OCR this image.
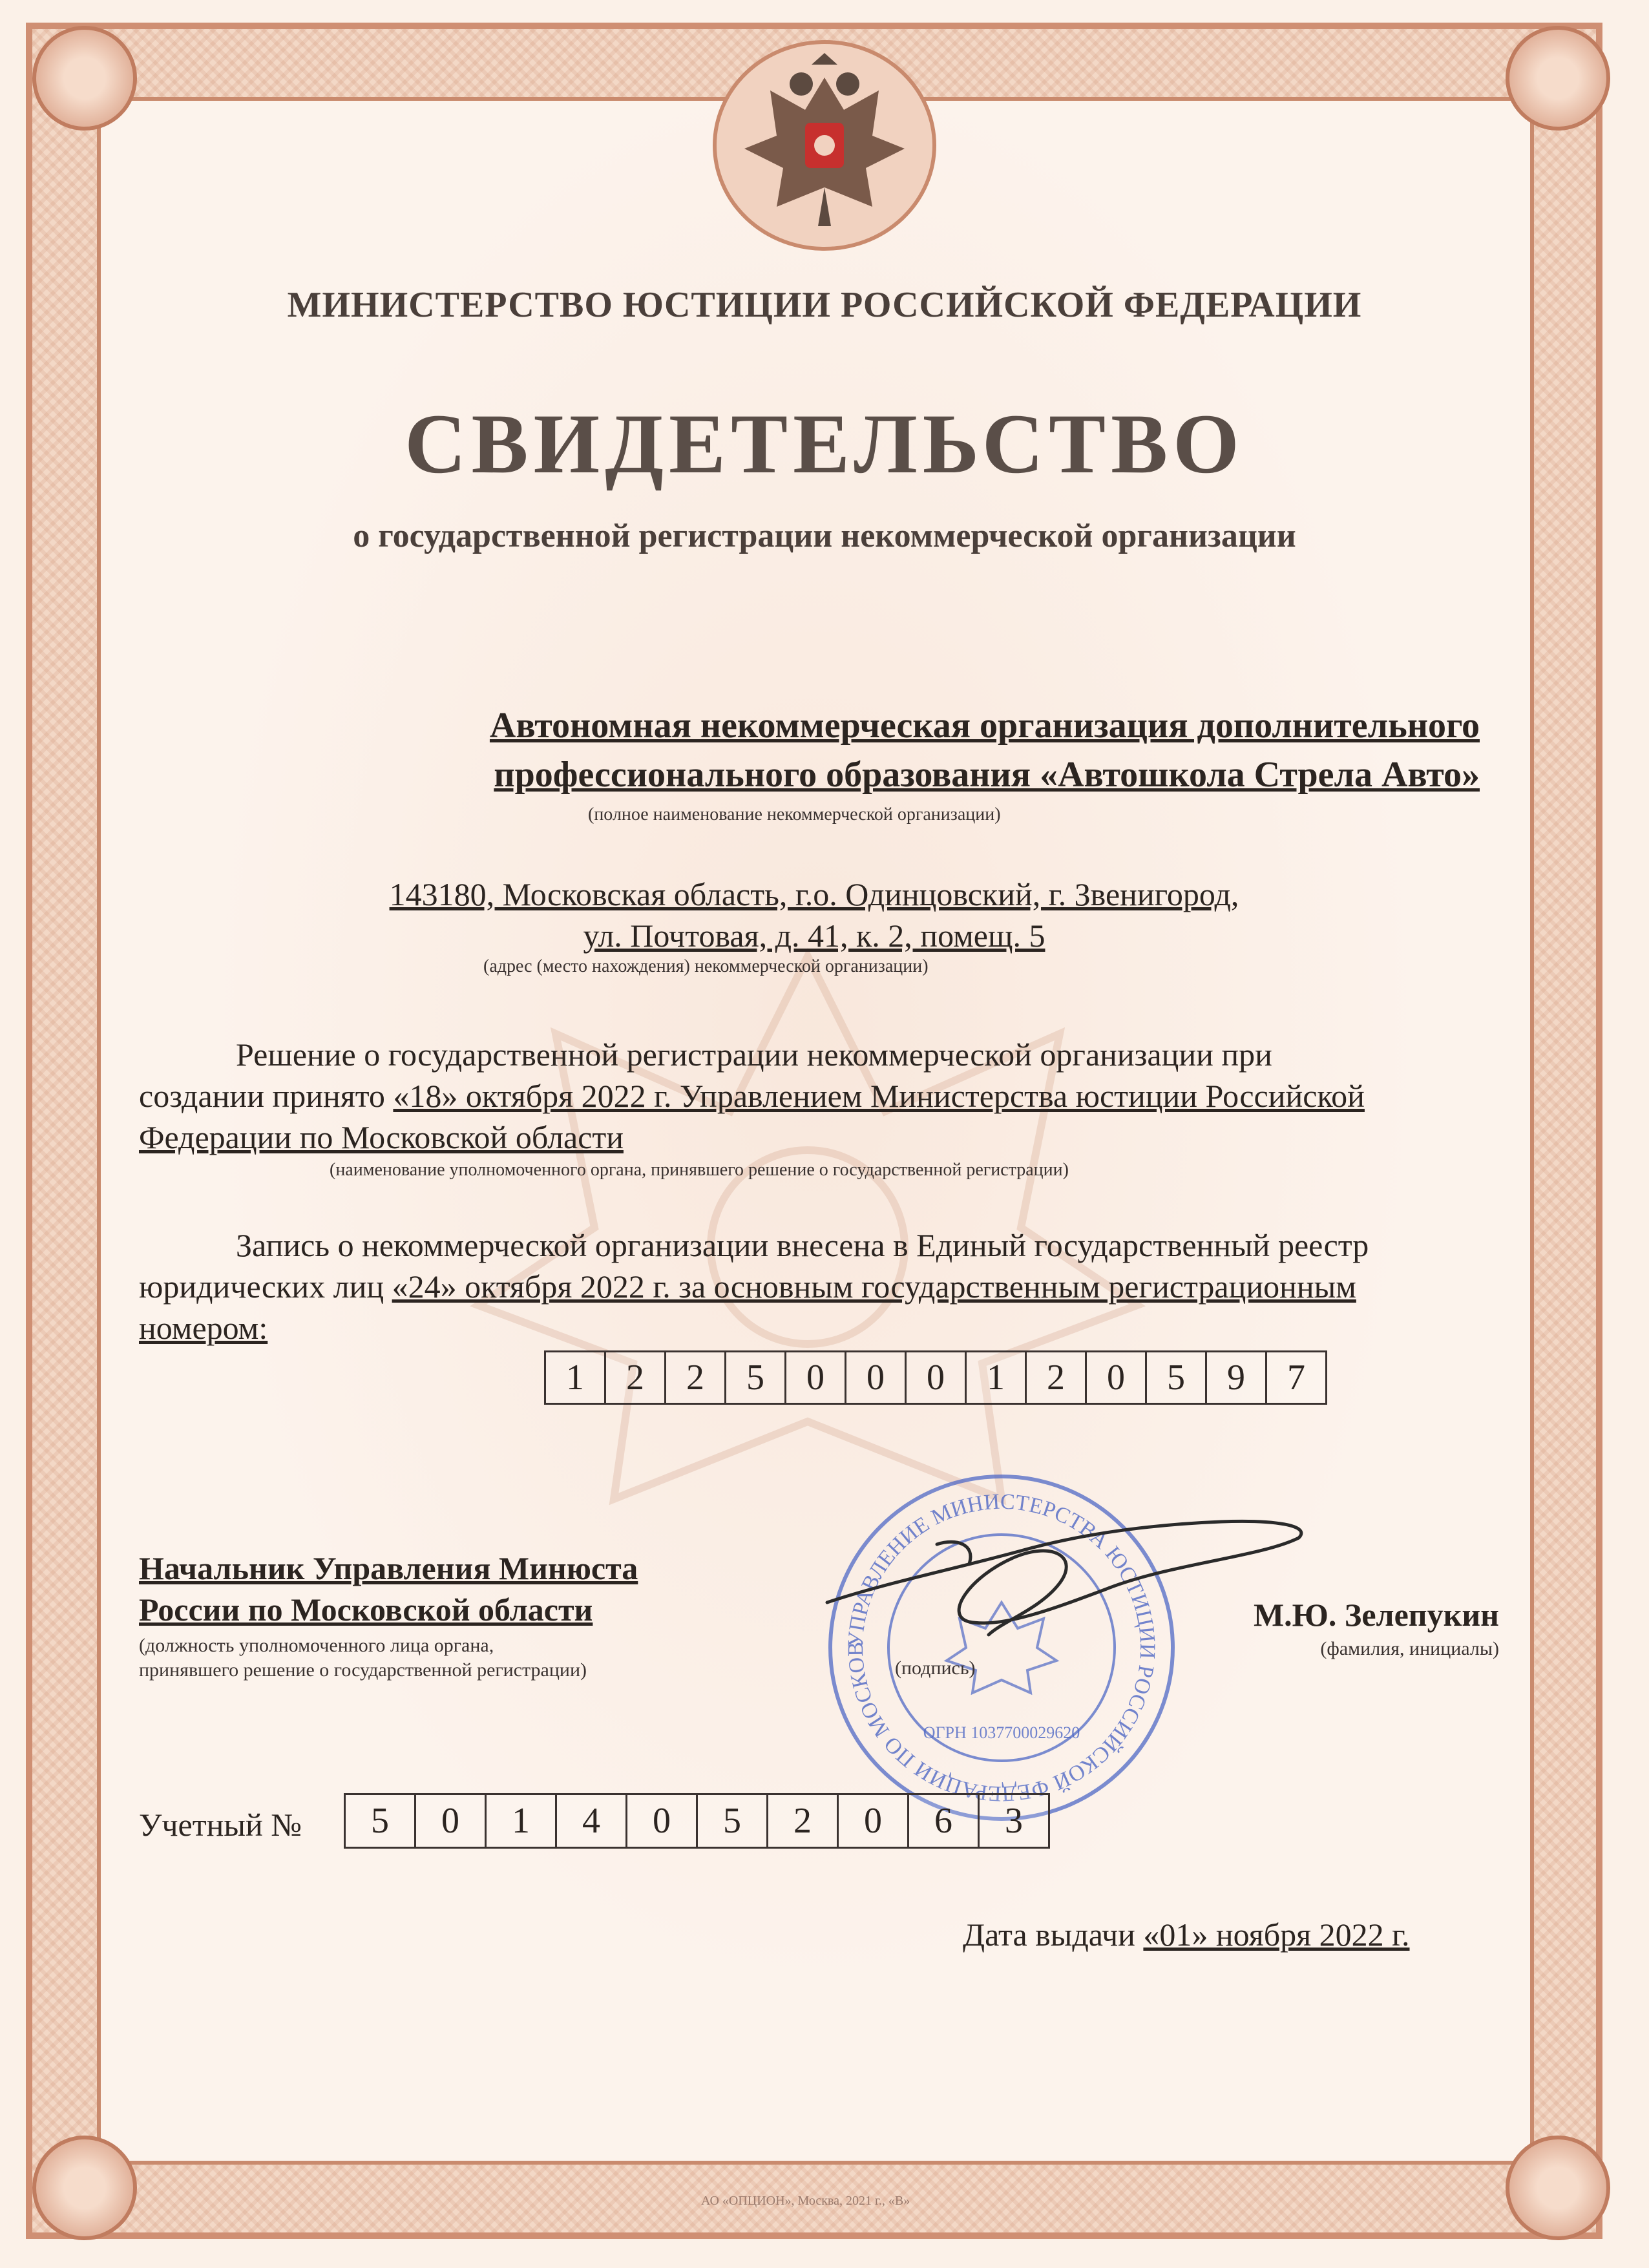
МИНИСТЕРСТВО ЮСТИЦИИ РОССИЙСКОЙ ФЕДЕРАЦИИ
СВИДЕТЕЛЬСТВО
о государственной регистрации некоммерческой организации
Автономная некоммерческая организация дополнительного
профессионального образования «Автошкола Стрела Авто»
(полное наименование некоммерческой организации)
143180, Московская область, г.о. Одинцовский, г. Звенигород,
ул. Почтовая, д. 41, к. 2, помещ. 5
(адрес (место нахождения) некоммерческой организации)
Решение о государственной регистрации некоммерческой организации при
создании принято «18» октября 2022 г. Управлением Министерства юстиции Российской
Федерации по Московской области
(наименование уполномоченного органа, принявшего решение о государственной регистрации)
Запись о некоммерческой организации внесена в Единый государственный реестр
юридических лиц «24» октября 2022 г. за основным государственным регистрационным
номером:
1	2	2	5	0	0	0	1	2	0	5	9	7
УПРАВЛЕНИЕ МИНИСТЕРСТВА ЮСТИЦИИ РОССИЙСКОЙ ФЕДЕРАЦИИ ПО МОСКОВ
ОГРН 1037700029620
Начальник Управления Минюста
России по Московской области
(должность уполномоченного лица органа,
принявшего решение о государственной регистрации)	(подпись)
М.Ю. Зелепукин
(фамилия, инициалы)
Учетный №	5	0	1	4	0	5	2	0	6	3
Дата выдачи «01» ноября 2022 г.
АО «ОПЦИОН», Москва, 2021 г., «В»
